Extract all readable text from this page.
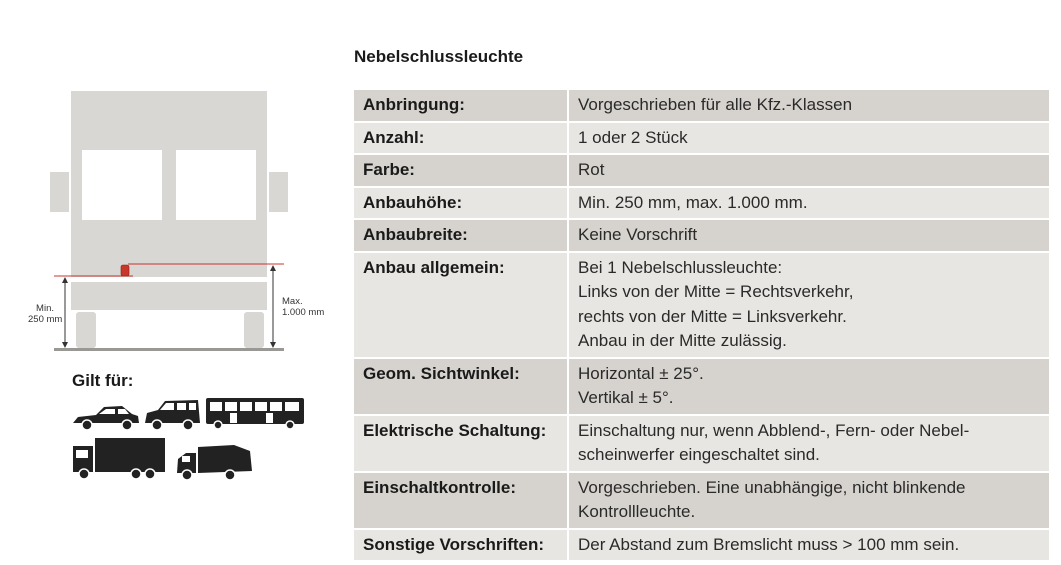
Nebelschlussleuchte
Min.
250 mm
Max.
1.000 mm
Gilt für:
Anbringung:	Vorgeschrieben für alle Kfz.-Klassen

Anzahl:	1 oder 2 Stück

Farbe:	Rot

Anbauhöhe:	Min. 250 mm, max. 1.000 mm.

Anbaubreite:	Keine Vorschrift

Anbau allgemein:	Bei 1 Nebelschlussleuchte:
Links von der Mitte = Rechtsverkehr,
rechts von der Mitte = Linksverkehr.
Anbau in der Mitte zulässig.

Geom. Sichtwinkel:	Horizontal ± 25°.
Vertikal ± 5°.

Elektrische Schaltung:	Einschaltung nur, wenn Abblend-, Fern- oder Nebel-
scheinwerfer eingeschaltet sind.

Einschaltkontrolle:	Vorgeschrieben. Eine unabhängige, nicht blinkende
Kontrollleuchte.

Sonstige Vorschriften:	Der Abstand zum Bremslicht muss > 100 mm sein.
